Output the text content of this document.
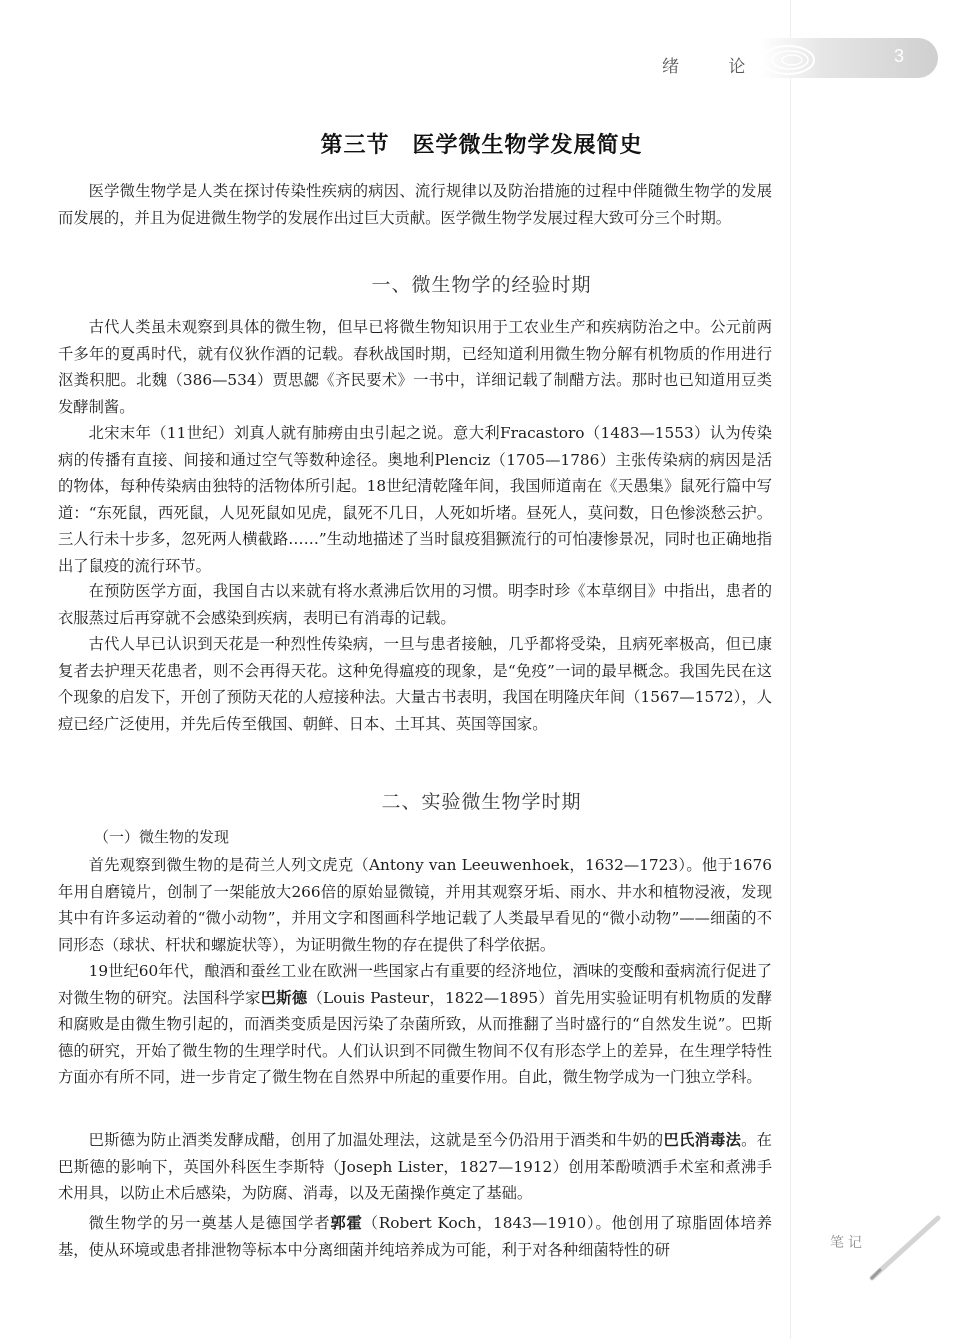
绪 论
3
第三节　医学微生物学发展简史
医学微生物学是人类在探讨传染性疾病的病因、流行规律以及防治措施的过程中伴随微生物学的发展而发展的，并且为促进微生物学的发展作出过巨大贡献。医学微生物学发展过程大致可分三个时期。
一、微生物学的经验时期
古代人类虽未观察到具体的微生物，但早已将微生物知识用于工农业生产和疾病防治之中。公元前两千多年的夏禹时代，就有仪狄作酒的记载。春秋战国时期，已经知道利用微生物分解有机物质的作用进行沤粪积肥。北魏（386—534）贾思勰《齐民要术》一书中，详细记载了制醋方法。那时也已知道用豆类发酵制酱。
北宋末年（11世纪）刘真人就有肺痨由虫引起之说。意大利Fracastoro（1483—1553）认为传染病的传播有直接、间接和通过空气等数种途径。奥地利Plenciz（1705—1786）主张传染病的病因是活的物体，每种传染病由独特的活物体所引起。18世纪清乾隆年间，我国师道南在《天愚集》鼠死行篇中写道：“东死鼠，西死鼠，人见死鼠如见虎，鼠死不几日，人死如圻堵。昼死人，莫问数，日色惨淡愁云护。三人行未十步多，忽死两人横截路……”生动地描述了当时鼠疫猖獗流行的可怕凄惨景况，同时也正确地指出了鼠疫的流行环节。
在预防医学方面，我国自古以来就有将水煮沸后饮用的习惯。明李时珍《本草纲目》中指出，患者的衣服蒸过后再穿就不会感染到疾病，表明已有消毒的记载。
古代人早已认识到天花是一种烈性传染病，一旦与患者接触，几乎都将受染，且病死率极高，但已康复者去护理天花患者，则不会再得天花。这种免得瘟疫的现象，是“免疫”一词的最早概念。我国先民在这个现象的启发下，开创了预防天花的人痘接种法。大量古书表明，我国在明隆庆年间（1567—1572），人痘已经广泛使用，并先后传至俄国、朝鲜、日本、土耳其、英国等国家。
二、实验微生物学时期
（一）微生物的发现
首先观察到微生物的是荷兰人列文虎克（Antony van Leeuwenhoek，1632—1723）。他于1676年用自磨镜片，创制了一架能放大266倍的原始显微镜，并用其观察牙垢、雨水、井水和植物浸液，发现其中有许多运动着的“微小动物”，并用文字和图画科学地记载了人类最早看见的“微小动物”——细菌的不同形态（球状、杆状和螺旋状等），为证明微生物的存在提供了科学依据。
19世纪60年代，酿酒和蚕丝工业在欧洲一些国家占有重要的经济地位，酒味的变酸和蚕病流行促进了对微生物的研究。法国科学家巴斯德（Louis Pasteur，1822—1895）首先用实验证明有机物质的发酵和腐败是由微生物引起的，而酒类变质是因污染了杂菌所致，从而推翻了当时盛行的“自然发生说”。巴斯德的研究，开始了微生物的生理学时代。人们认识到不同微生物间不仅有形态学上的差异，在生理学特性方面亦有所不同，进一步肯定了微生物在自然界中所起的重要作用。自此，微生物学成为一门独立学科。
巴斯德为防止酒类发酵成醋，创用了加温处理法，这就是至今仍沿用于酒类和牛奶的巴氏消毒法。在巴斯德的影响下，英国外科医生李斯特（Joseph Lister，1827—1912）创用苯酚喷洒手术室和煮沸手术用具，以防止术后感染，为防腐、消毒，以及无菌操作奠定了基础。
微生物学的另一奠基人是德国学者郭霍（Robert Koch，1843—1910）。他创用了琼脂固体培养基，使从环境或患者排泄物等标本中分离细菌并纯培养成为可能，利于对各种细菌特性的研	笔记
